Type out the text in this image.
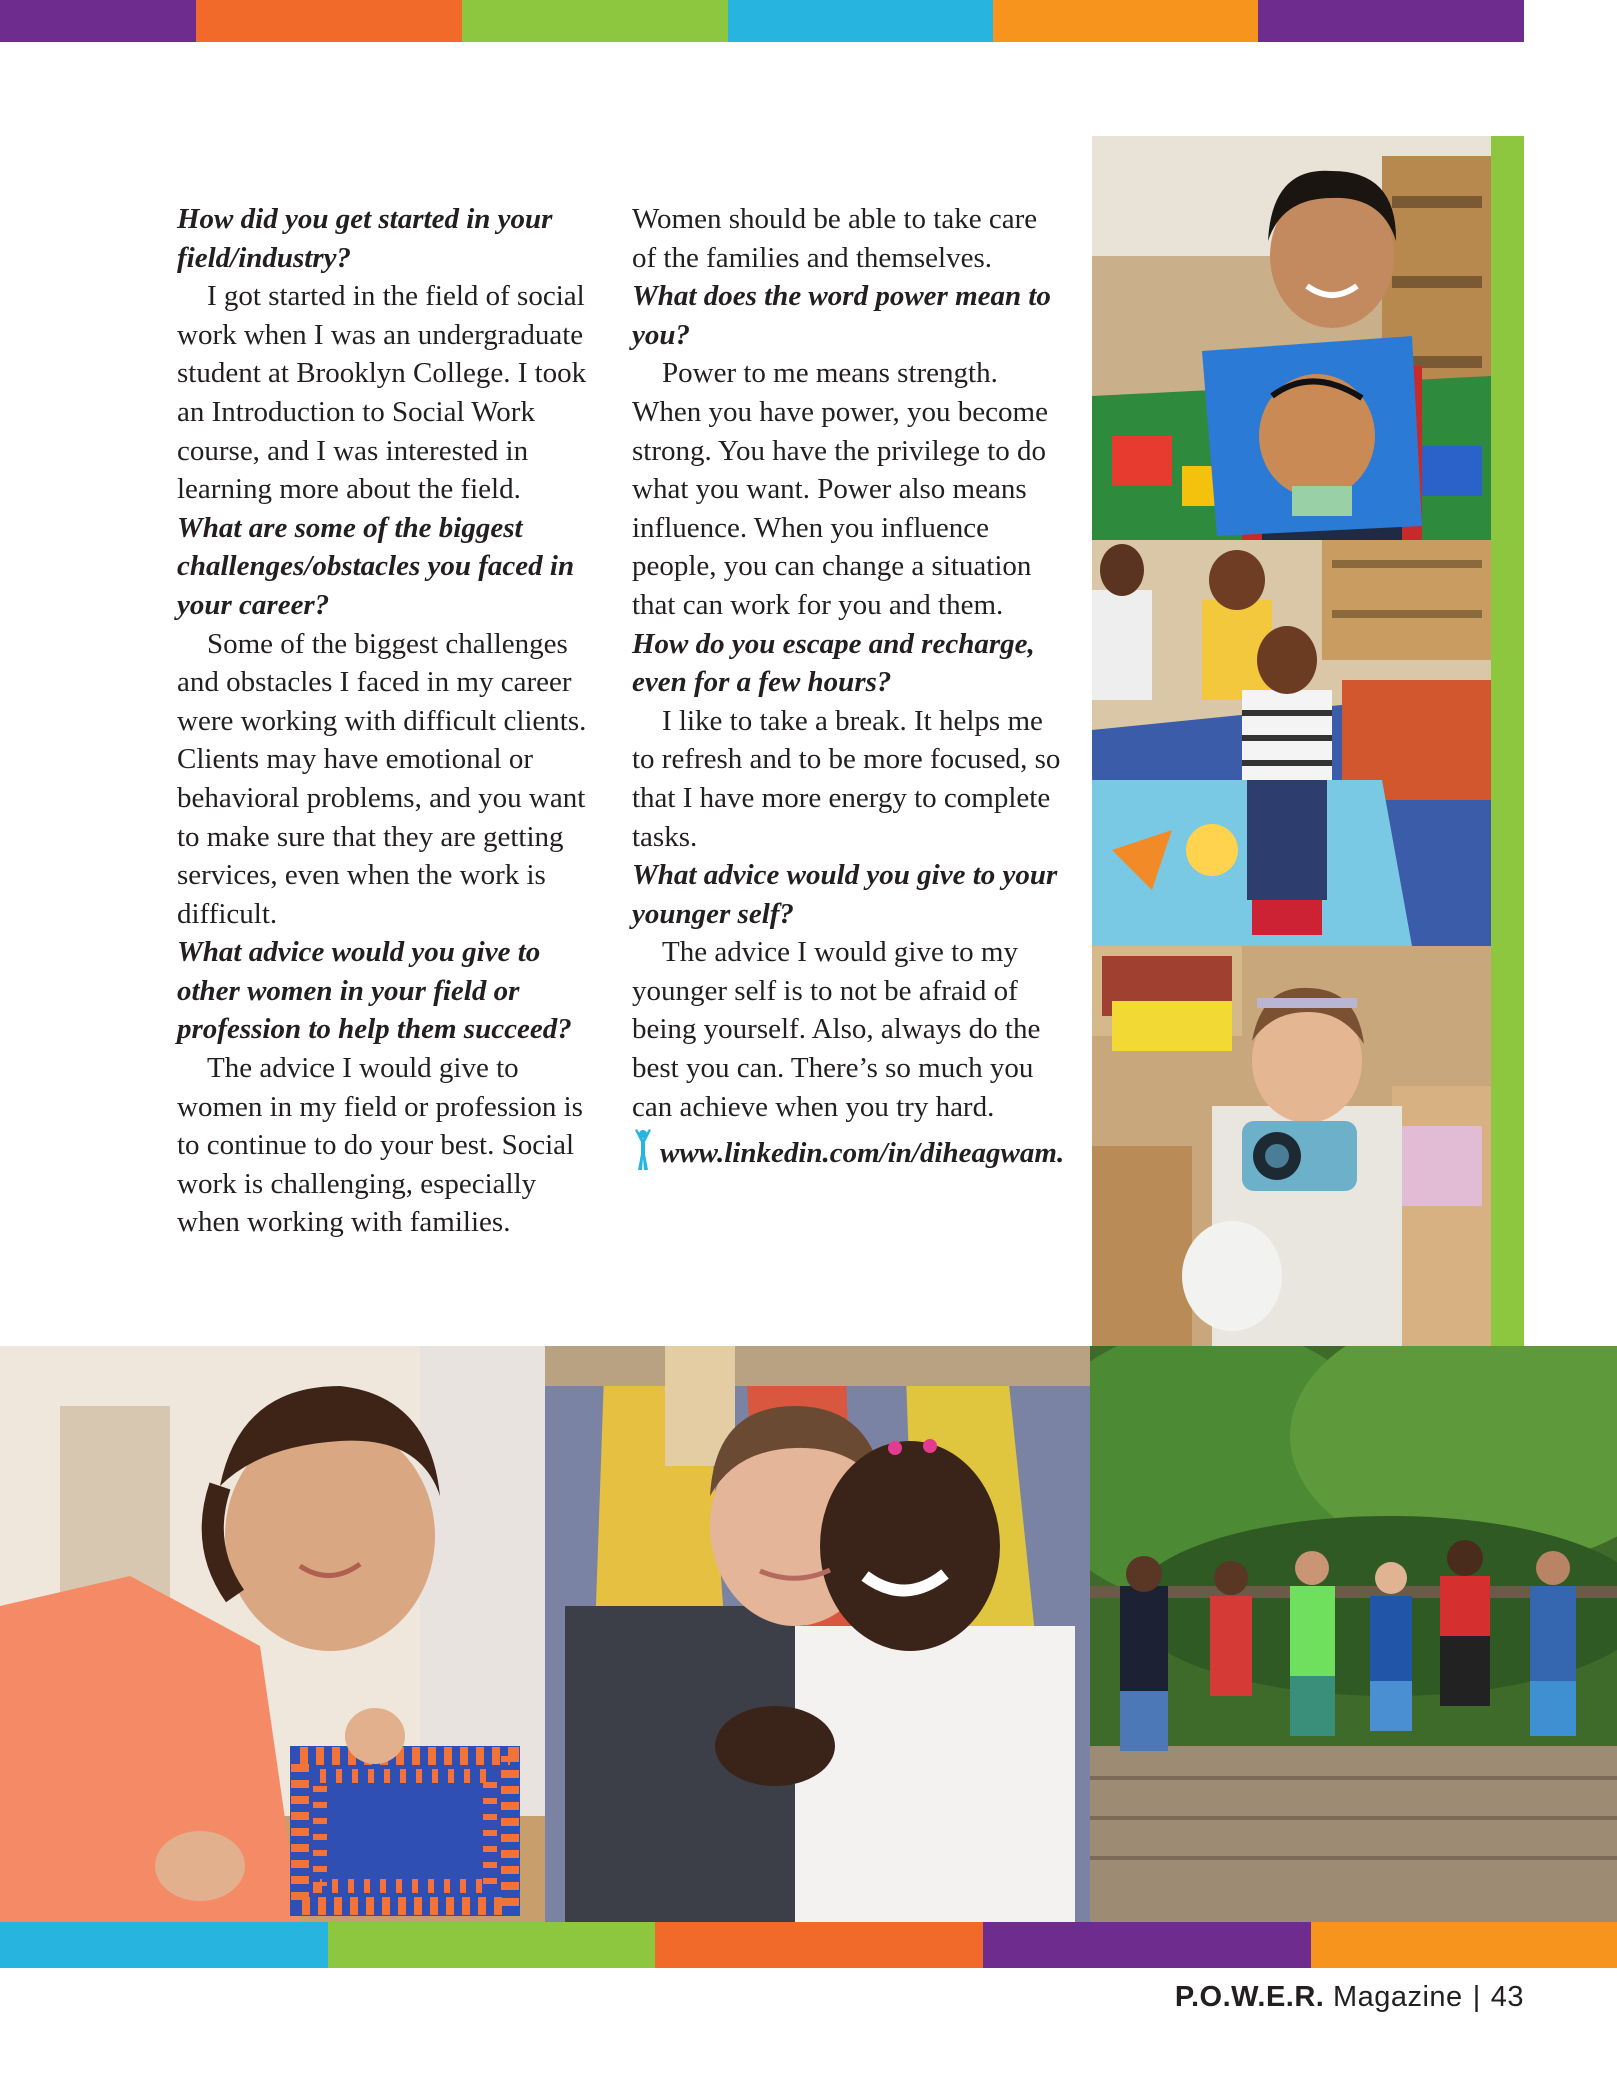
How did you get started in your field/industry?

I got started in the field of social work when I was an undergraduate student at Brooklyn College. I took an Introduction to Social Work course, and I was interested in learning more about the field.

What are some of the biggest challenges/obstacles you faced in your career?

Some of the biggest challenges and obstacles I faced in my career were working with difficult clients. Clients may have emotional or behavioral problems, and you want to make sure that they are getting services, even when the work is difficult.

What advice would you give to other women in your field or profession to help them succeed?

The advice I would give to women in my field or profession is to continue to do your best. Social work is challenging, especially when working with families.

Women should be able to take care of the families and themselves.

What does the word power mean to you?

Power to me means strength. When you have power, you become strong. You have the privilege to do what you want. Power also means influence. When you influence people, you can change a situation that can work for you and them.

How do you escape and recharge, even for a few hours?

I like to take a break. It helps me to refresh and to be more focused, so that I have more energy to complete tasks.

What advice would you give to your younger self?

The advice I would give to my younger self is to not be afraid of being yourself. Also, always do the best you can. There’s so much you can achieve when you try hard.

www.linkedin.com/in/diheagwam.

P.O.W.E.R. Magazine | 43
